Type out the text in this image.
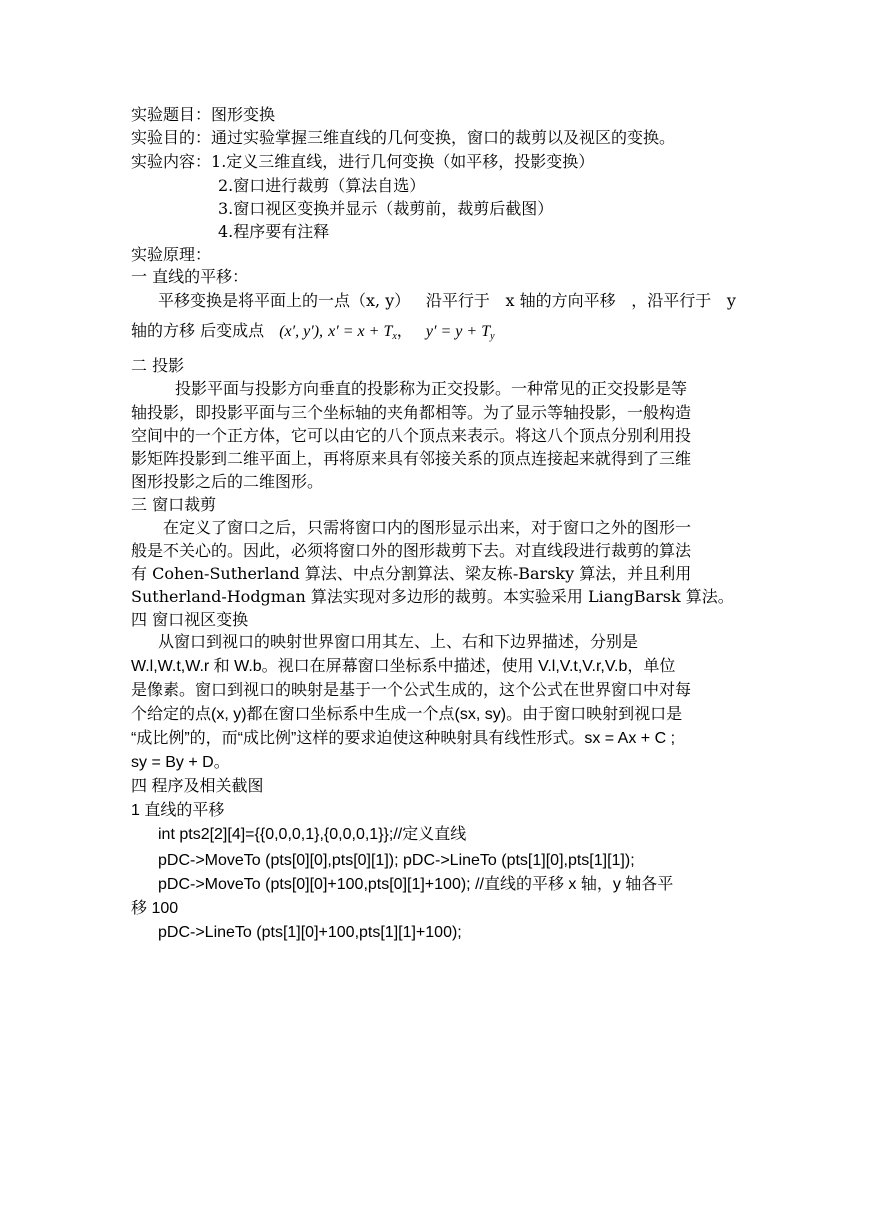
实验题目：图形变换
实验目的：通过实验掌握三维直线的几何变换，窗口的裁剪以及视区的变换。
实验内容：1.定义三维直线，进行几何变换（如平移，投影变换）
2.窗口进行裁剪（算法自选）
3.窗口视区变换并显示（裁剪前，裁剪后截图）
4.程序要有注释
实验原理：
一 直线的平移：
平移变换是将平面上的一点（x, y） 沿平行于 x 轴的方向平移 ，沿平行于 y
轴的方移 后变成点 (x′, y′), $x' = x + T_x$， $y' = y + T_y$
二 投影
投影平面与投影方向垂直的投影称为正交投影。一种常见的正交投影是等
轴投影，即投影平面与三个坐标轴的夹角都相等。为了显示等轴投影，一般构造
空间中的一个正方体，它可以由它的八个顶点来表示。将这八个顶点分别利用投
影矩阵投影到二维平面上，再将原来具有邻接关系的顶点连接起来就得到了三维
图形投影之后的二维图形。
三 窗口裁剪
在定义了窗口之后，只需将窗口内的图形显示出来，对于窗口之外的图形一
般是不关心的。因此，必须将窗口外的图形裁剪下去。对直线段进行裁剪的算法
有 Cohen-Sutherland 算法、中点分割算法、梁友栋-Barsky 算法，并且利用
Sutherland-Hodgman 算法实现对多边形的裁剪。本实验采用 LiangBarsk 算法。
四 窗口视区变换
从窗口到视口的映射世界窗口用其左、上、右和下边界描述，分别是
W.l,W.t,W.r 和 W.b。视口在屏幕窗口坐标系中描述，使用 V.l,V.t,V.r,V.b，单位
是像素。窗口到视口的映射是基于一个公式生成的，这个公式在世界窗口中对每
个给定的点(x, y)都在窗口坐标系中生成一个点(sx, sy)。由于窗口映射到视口是
“成比例”的，而“成比例”这样的要求迫使这种映射具有线性形式。sx = Ax + C ;
sy = By + D。
四 程序及相关截图
1 直线的平移
int pts2[2][4]={{0,0,0,1},{0,0,0,1}};//定义直线
pDC->MoveTo (pts[0][0],pts[0][1]); pDC->LineTo (pts[1][0],pts[1][1]);
pDC->MoveTo (pts[0][0]+100,pts[0][1]+100); //直线的平移 x 轴，y 轴各平
移 100
pDC->LineTo (pts[1][0]+100,pts[1][1]+100);
